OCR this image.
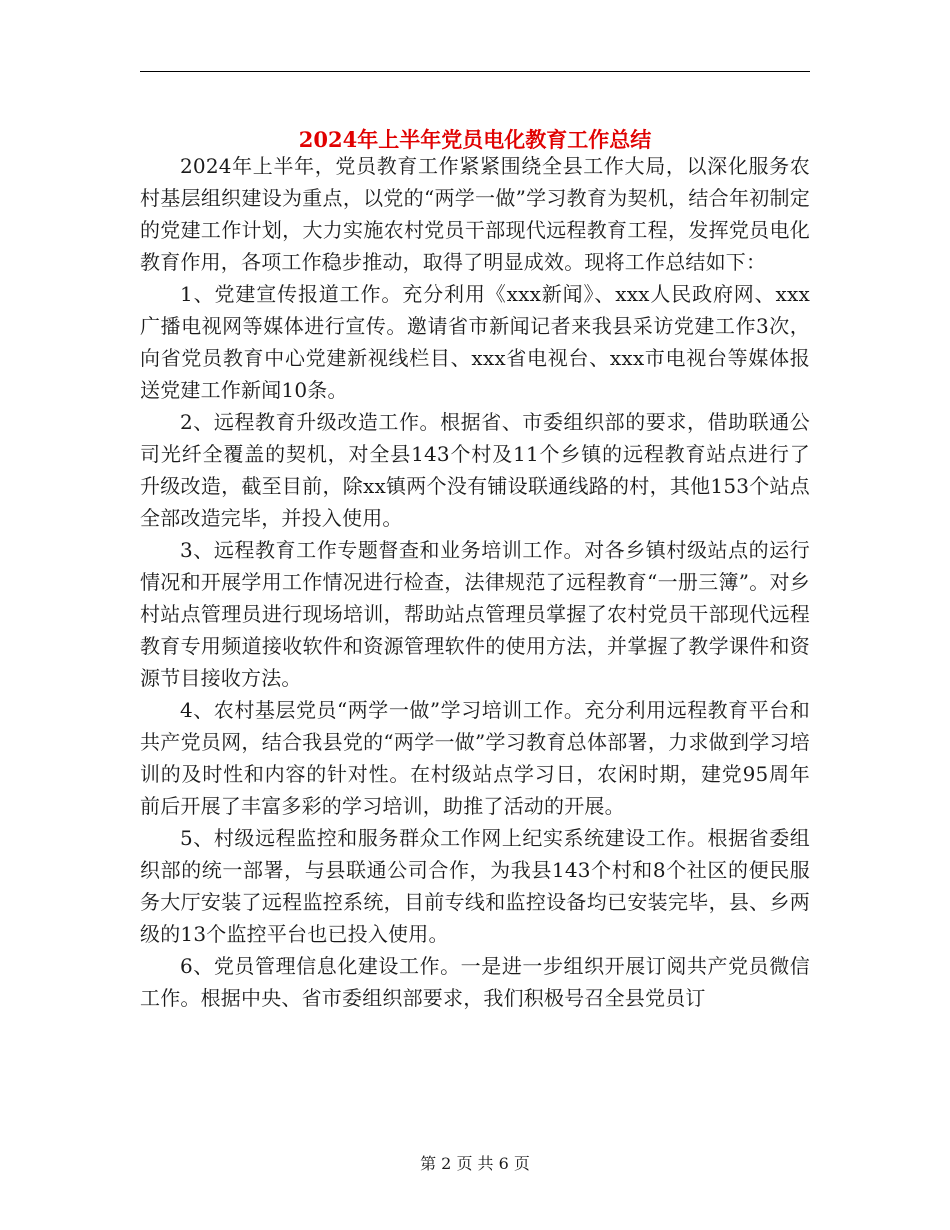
2024年上半年党员电化教育工作总结

2024年上半年，党员教育工作紧紧围绕全县工作大局，以深化服务农村基层组织建设为重点，以党的“两学一做”学习教育为契机，结合年初制定的党建工作计划，大力实施农村党员干部现代远程教育工程，发挥党员电化教育作用，各项工作稳步推动，取得了明显成效。现将工作总结如下：

1、党建宣传报道工作。充分利用《xxx新闻》、xxx人民政府网、xxx广播电视网等媒体进行宣传。邀请省市新闻记者来我县采访党建工作3次，向省党员教育中心党建新视线栏目、xxx省电视台、xxx市电视台等媒体报送党建工作新闻10条。

2、远程教育升级改造工作。根据省、市委组织部的要求，借助联通公司光纤全覆盖的契机，对全县143个村及11个乡镇的远程教育站点进行了升级改造，截至目前，除xx镇两个没有铺设联通线路的村，其他153个站点全部改造完毕，并投入使用。

3、远程教育工作专题督查和业务培训工作。对各乡镇村级站点的运行情况和开展学用工作情况进行检查，法律规范了远程教育“一册三簿”。对乡村站点管理员进行现场培训，帮助站点管理员掌握了农村党员干部现代远程教育专用频道接收软件和资源管理软件的使用方法，并掌握了教学课件和资源节目接收方法。

4、农村基层党员“两学一做”学习培训工作。充分利用远程教育平台和共产党员网，结合我县党的“两学一做”学习教育总体部署，力求做到学习培训的及时性和内容的针对性。在村级站点学习日，农闲时期，建党95周年前后开展了丰富多彩的学习培训，助推了活动的开展。

5、村级远程监控和服务群众工作网上纪实系统建设工作。根据省委组织部的统一部署，与县联通公司合作，为我县143个村和8个社区的便民服务大厅安装了远程监控系统，目前专线和监控设备均已安装完毕，县、乡两级的13个监控平台也已投入使用。

6、党员管理信息化建设工作。一是进一步组织开展订阅共产党员微信工作。根据中央、省市委组织部要求，我们积极号召全县党员订

第 2 页 共 6 页
